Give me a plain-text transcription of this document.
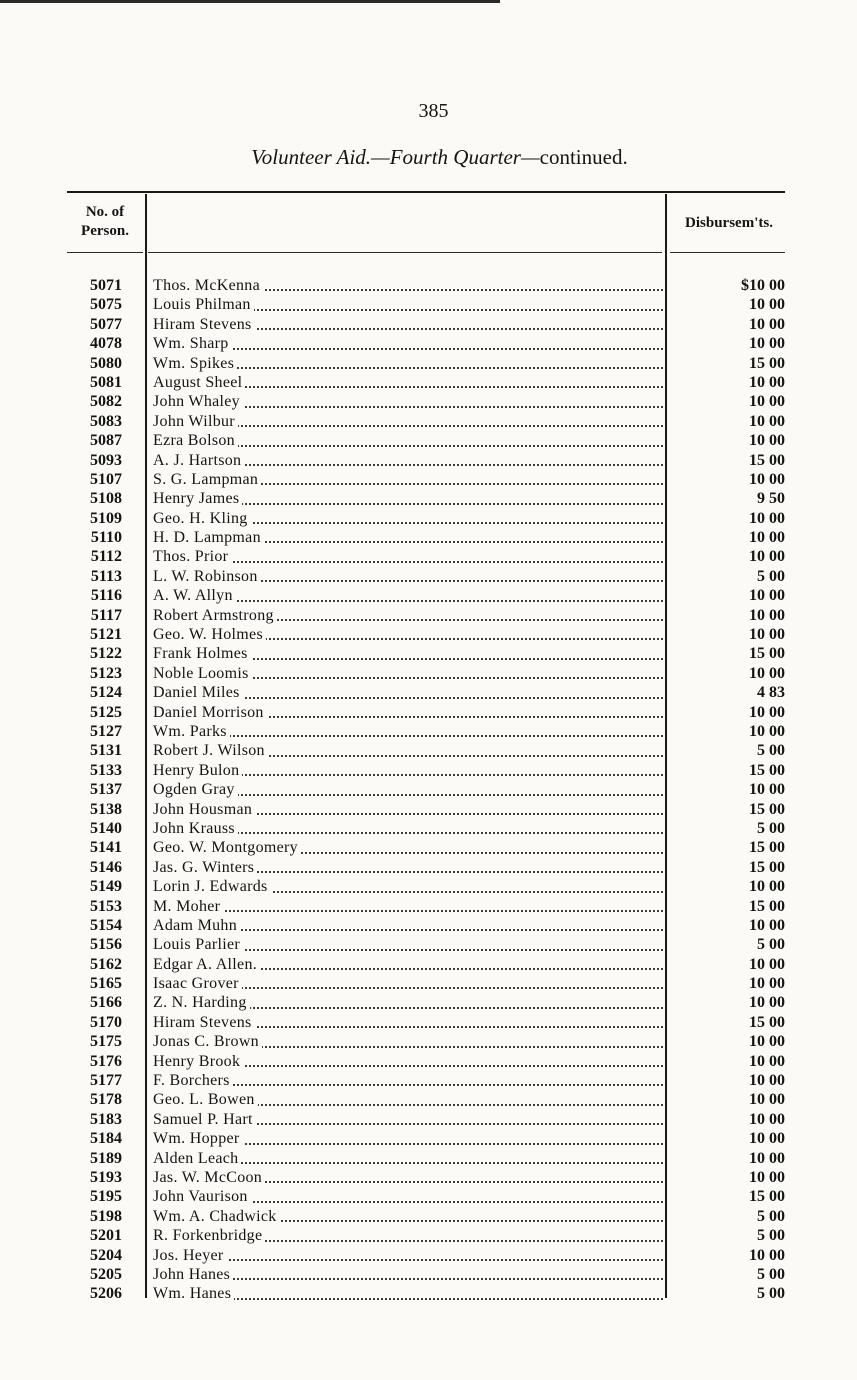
385
Volunteer Aid.—Fourth Quarter—continued.
No. of
Person.	Disbursem'ts.
5071 Thos. McKenna	$10 00
5075 Louis Philman	10 00
5077 Hiram Stevens	10 00
4078 Wm. Sharp	10 00
5080 Wm. Spikes	15 00
5081 August Sheel	10 00
5082 John Whaley	10 00
5083 John Wilbur	10 00
5087 Ezra Bolson	10 00
5093 A. J. Hartson	15 00
5107 S. G. Lampman	10 00
5108 Henry James	9 50
5109 Geo. H. Kling	10 00
5110 H. D. Lampman	10 00
5112 Thos. Prior	10 00
5113 L. W. Robinson	5 00
5116 A. W. Allyn	10 00
5117 Robert Armstrong	10 00
5121 Geo. W. Holmes	10 00
5122 Frank Holmes	15 00
5123 Noble Loomis	10 00
5124 Daniel Miles	4 83
5125 Daniel Morrison	10 00
5127 Wm. Parks	10 00
5131 Robert J. Wilson	5 00
5133 Henry Bulon	15 00
5137 Ogden Gray	10 00
5138 John Housman	15 00
5140 John Krauss	5 00
5141 Geo. W. Montgomery	15 00
5146 Jas. G. Winters	15 00
5149 Lorin J. Edwards	10 00
5153 M. Moher	15 00
5154 Adam Muhn	10 00
5156 Louis Parlier	5 00
5162 Edgar A. Allen.	10 00
5165 Isaac Grover	10 00
5166 Z. N. Harding	10 00
5170 Hiram Stevens	15 00
5175 Jonas C. Brown	10 00
5176 Henry Brook	10 00
5177 F. Borchers	10 00
5178 Geo. L. Bowen	10 00
5183 Samuel P. Hart	10 00
5184 Wm. Hopper	10 00
5189 Alden Leach	10 00
5193 Jas. W. McCoon	10 00
5195 John Vaurison	15 00
5198 Wm. A. Chadwick	5 00
5201 R. Forkenbridge	5 00
5204 Jos. Heyer	10 00
5205 John Hanes	5 00
5206 Wm. Hanes	5 00
